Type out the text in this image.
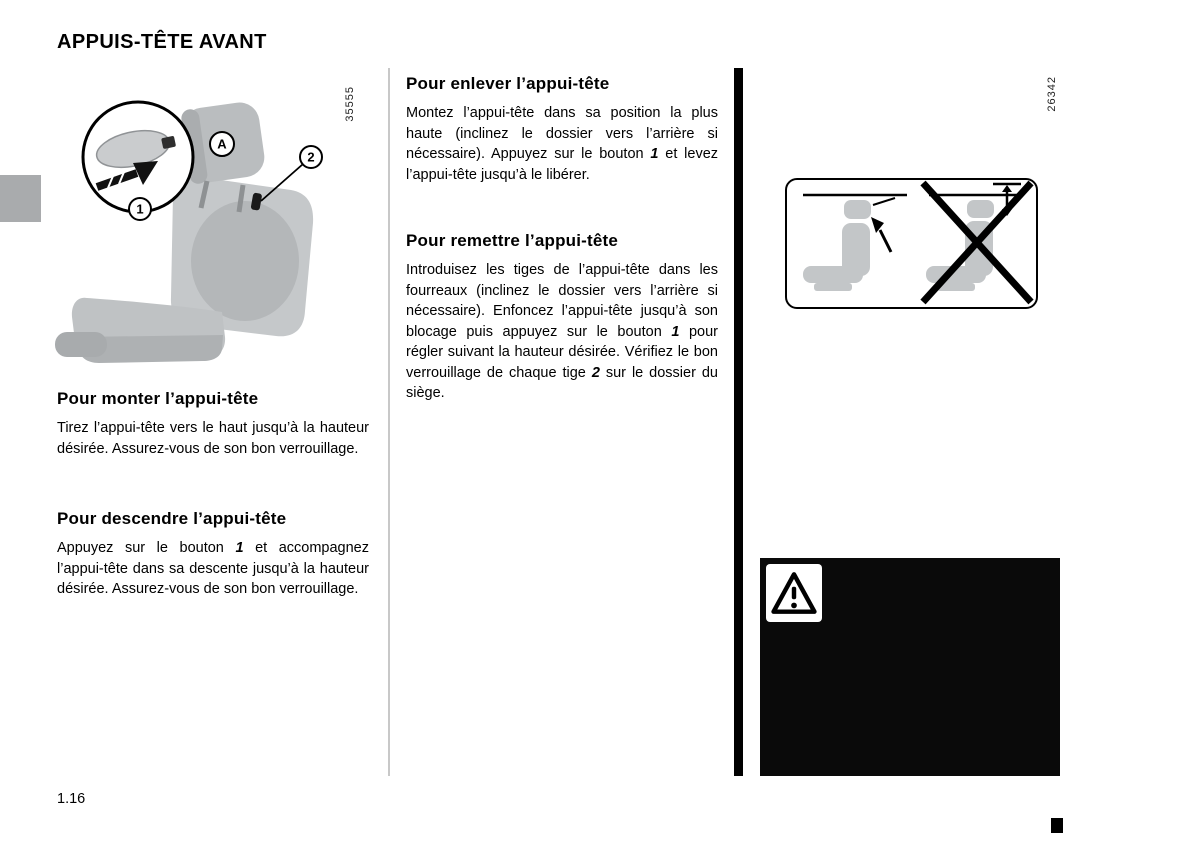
APPUIS-TÊTE AVANT
35555
1
A
2
Pour monter l’appui-tête

Tirez l’appui-tête vers le haut jusqu’à la hauteur désirée. Assurez-vous de son bon verrouillage.

Pour descendre l’appui-tête

Appuyez sur le bouton 1 et accompagnez l’appui-tête dans sa descente jusqu’à la hauteur désirée. Assurez-vous de son bon verrouillage.

Pour enlever l’appui-tête

Montez l’appui-tête dans sa position la plus haute (inclinez le dossier vers l’arrière si nécessaire). Appuyez sur le bouton 1 et levez l’appui-tête jusqu’à le libérer.

Pour remettre l’appui-tête

Introduisez les tiges de l’appui-tête dans les fourreaux (inclinez le dossier vers l’arrière si nécessaire). Enfoncez l’appui-tête jusqu’à son blocage puis appuyez sur le bouton 1 pour régler suivant la hauteur désirée. Vérifiez le bon verrouillage de chaque tige 2 sur le dossier du siège.

26342
1.16
